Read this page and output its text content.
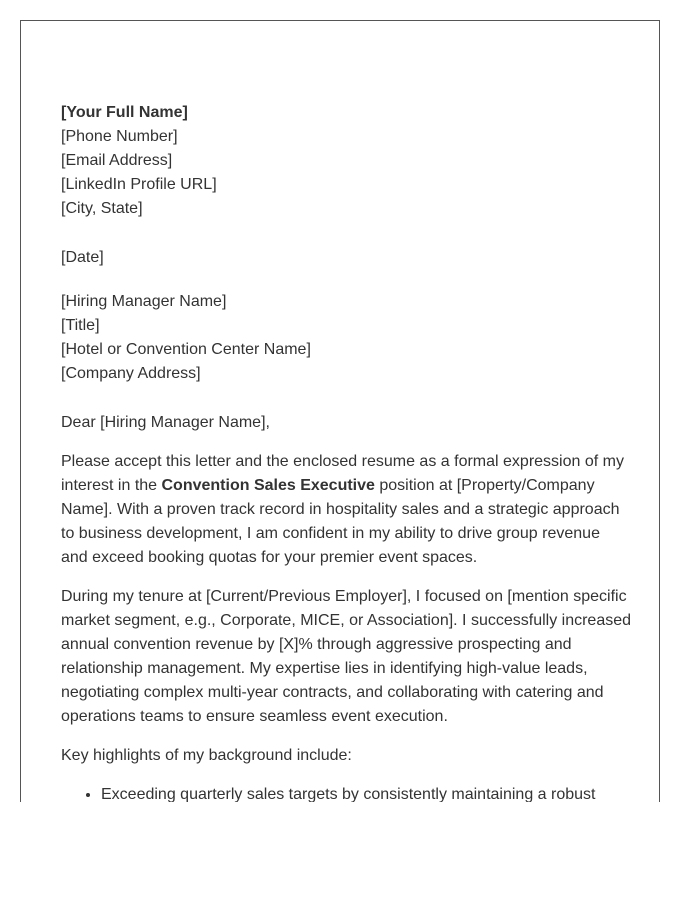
[Your Full Name]
[Phone Number]
[Email Address]
[LinkedIn Profile URL]
[City, State]
[Date]
[Hiring Manager Name]
[Title]
[Hotel or Convention Center Name]
[Company Address]
Dear [Hiring Manager Name],

Please accept this letter and the enclosed resume as a formal expression of my interest in the Convention Sales Executive position at [Property/Company Name]. With a proven track record in hospitality sales and a strategic approach to business development, I am confident in my ability to drive group revenue and exceed booking quotas for your premier event spaces.

During my tenure at [Current/Previous Employer], I focused on [mention specific market segment, e.g., Corporate, MICE, or Association]. I successfully increased annual convention revenue by [X]% through aggressive prospecting and relationship management. My expertise lies in identifying high-value leads, negotiating complex multi-year contracts, and collaborating with catering and operations teams to ensure seamless event execution.

Key highlights of my background include:

• Exceeding quarterly sales targets by consistently maintaining a robust
